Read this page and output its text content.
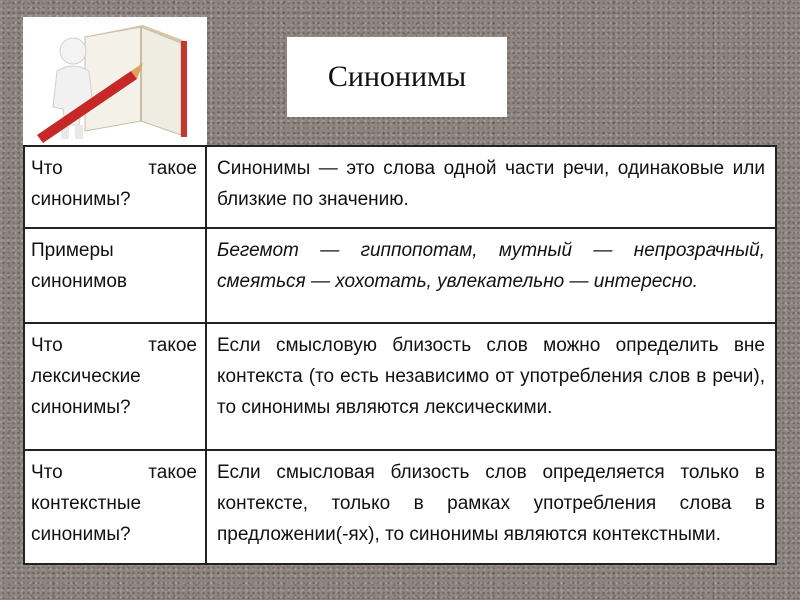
Синонимы
Что такое синонимы?
Синонимы — это слова одной части речи, одинаковые или близкие по значению.
Примеры синонимов
Бегемот — гиппопотам, мутный — непрозрачный, смеяться — хохотать, увлекательно — интересно.
Что такое лексические синонимы?
Если смысловую близость слов можно определить вне контекста (то есть независимо от употребления слов в речи), то синонимы являются лексическими.
Что такое контекстные синонимы?
Если смысловая близость слов определяется только в контексте, только в рамках употребления слова в предложении(-ях), то синонимы являются контекстными.
